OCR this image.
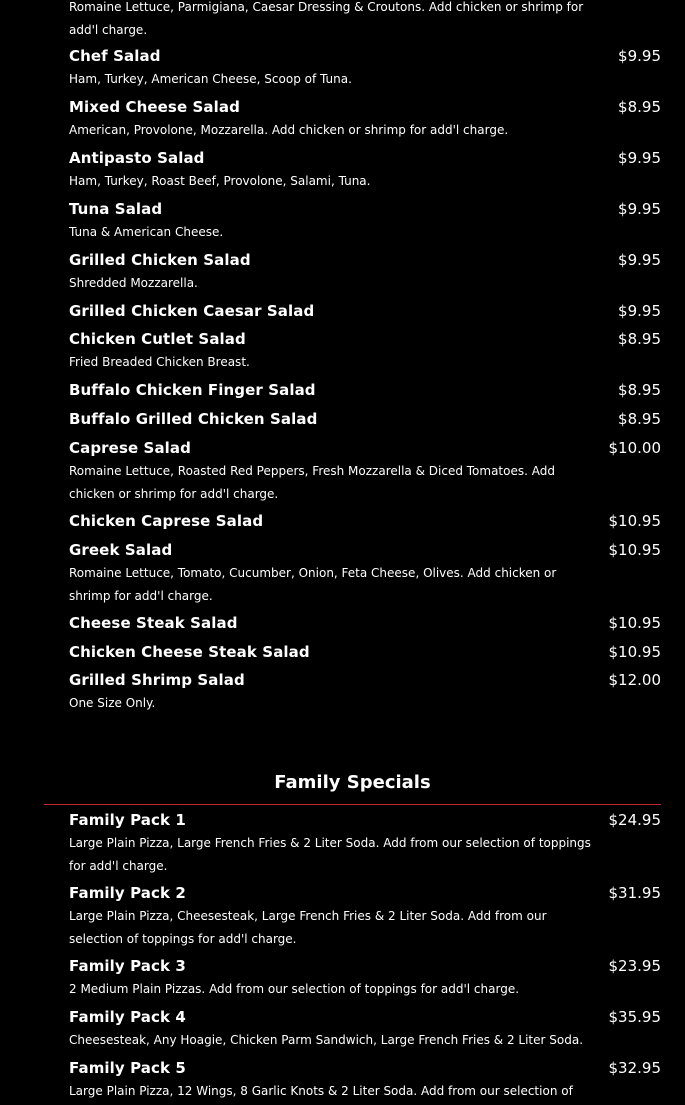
Romaine Lettuce, Parmigiana, Caesar Dressing & Croutons. Add chicken or shrimp for add'l charge.
Chef Salad	$9.95
Ham, Turkey, American Cheese, Scoop of Tuna.
Mixed Cheese Salad	$8.95
American, Provolone, Mozzarella. Add chicken or shrimp for add'l charge.
Antipasto Salad	$9.95
Ham, Turkey, Roast Beef, Provolone, Salami, Tuna.
Tuna Salad	$9.95
Tuna & American Cheese.
Grilled Chicken Salad	$9.95
Shredded Mozzarella.
Grilled Chicken Caesar Salad	$9.95
Chicken Cutlet Salad	$8.95
Fried Breaded Chicken Breast.
Buffalo Chicken Finger Salad	$8.95
Buffalo Grilled Chicken Salad	$8.95
Caprese Salad	$10.00
Romaine Lettuce, Roasted Red Peppers, Fresh Mozzarella & Diced Tomatoes. Add chicken or shrimp for add'l charge.
Chicken Caprese Salad	$10.95
Greek Salad	$10.95
Romaine Lettuce, Tomato, Cucumber, Onion, Feta Cheese, Olives. Add chicken or shrimp for add'l charge.
Cheese Steak Salad	$10.95
Chicken Cheese Steak Salad	$10.95
Grilled Shrimp Salad	$12.00
One Size Only.
Family Specials
Family Pack 1	$24.95
Large Plain Pizza, Large French Fries & 2 Liter Soda. Add from our selection of toppings for add'l charge.
Family Pack 2	$31.95
Large Plain Pizza, Cheesesteak, Large French Fries & 2 Liter Soda. Add from our selection of toppings for add'l charge.
Family Pack 3	$23.95
2 Medium Plain Pizzas. Add from our selection of toppings for add'l charge.
Family Pack 4	$35.95
Cheesesteak, Any Hoagie, Chicken Parm Sandwich, Large French Fries & 2 Liter Soda.
Family Pack 5	$32.95
Large Plain Pizza, 12 Wings, 8 Garlic Knots & 2 Liter Soda. Add from our selection of
